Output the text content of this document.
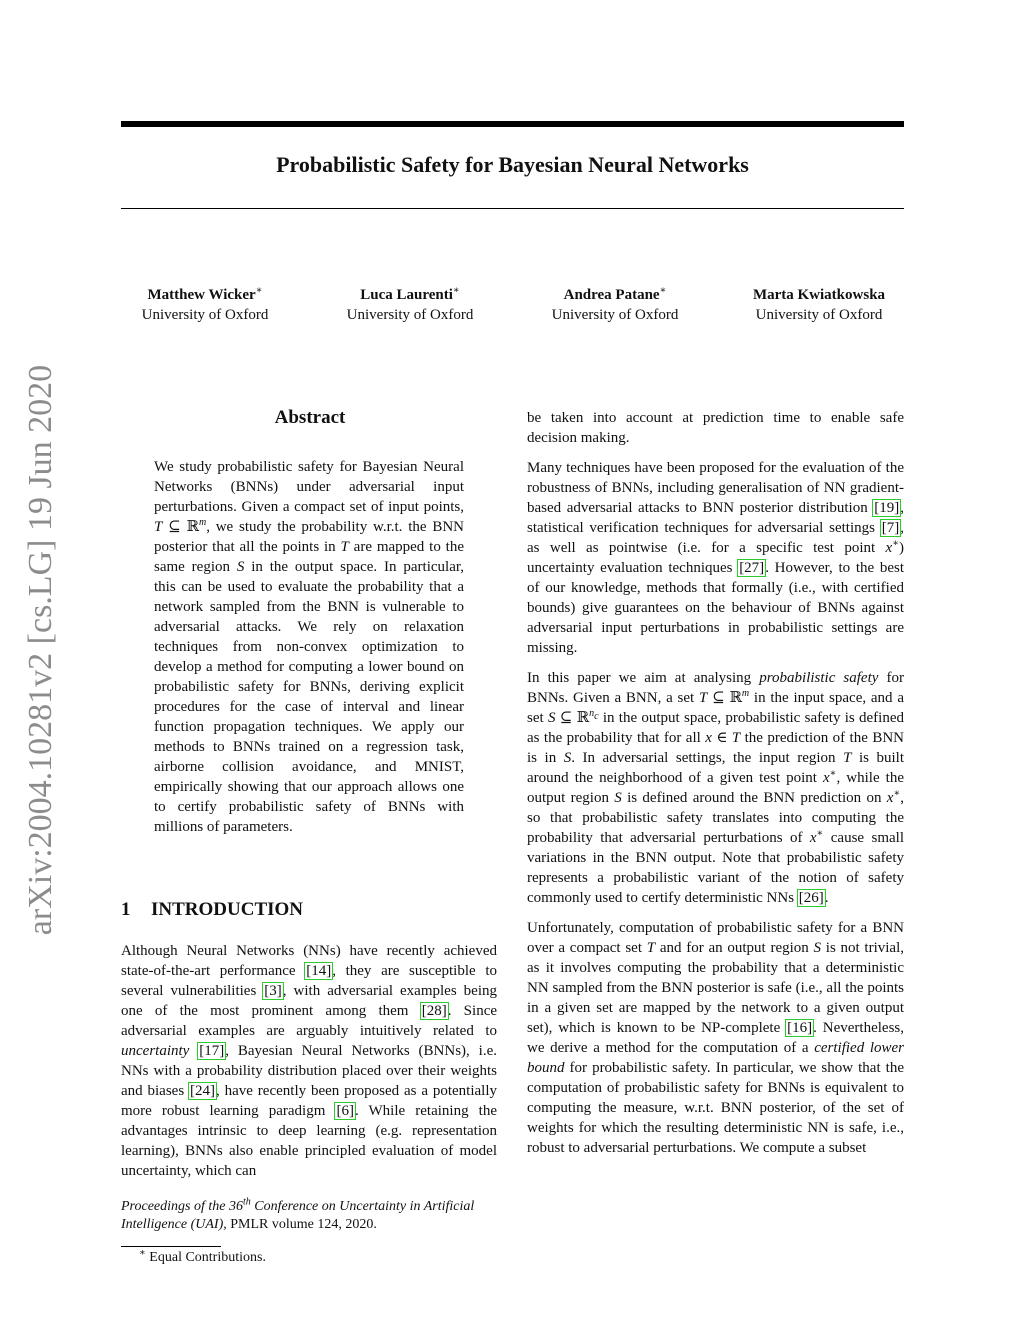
Probabilistic Safety for Bayesian Neural Networks
Matthew Wicker∗
University of Oxford
Luca Laurenti∗
University of Oxford
Andrea Patane∗
University of Oxford
Marta Kwiatkowska
University of Oxford
arXiv:2004.10281v2 [cs.LG] 19 Jun 2020	Abstract

We study probabilistic safety for Bayesian Neural Networks (BNNs) under adversarial input perturbations. Given a compact set of input points, T ⊆ ℝ$^m$, we study the probability w.r.t. the BNN posterior that all the points in T are mapped to the same region S in the output space. In particular, this can be used to evaluate the probability that a network sampled from the BNN is vulnerable to adversarial attacks. We rely on relaxation techniques from non-convex optimization to develop a method for computing a lower bound on probabilistic safety for BNNs, deriving explicit procedures for the case of interval and linear function propagation techniques. We apply our methods to BNNs trained on a regression task, airborne collision avoidance, and MNIST, empirically showing that our approach allows one to certify probabilistic safety of BNNs with millions of parameters.

1 INTRODUCTION

Although Neural Networks (NNs) have recently achieved state-of-the-art performance [14], they are susceptible to several vulnerabilities [3], with adversarial examples being one of the most prominent among them [28]. Since adversarial examples are arguably intuitively related to uncertainty [17], Bayesian Neural Networks (BNNs), i.e. NNs with a probability distribution placed over their weights and biases [24], have recently been proposed as a potentially more robust learning paradigm [6]. While retaining the advantages intrinsic to deep learning (e.g. representation learning), BNNs also enable principled evaluation of model uncertainty, which can

be taken into account at prediction time to enable safe decision making.

Many techniques have been proposed for the evaluation of the robustness of BNNs, including generalisation of NN gradient-based adversarial attacks to BNN posterior distribution [19], statistical verification techniques for adversarial settings [7], as well as pointwise (i.e. for a specific test point x∗) uncertainty evaluation techniques [27]. However, to the best of our knowledge, methods that formally (i.e., with certified bounds) give guarantees on the behaviour of BNNs against adversarial input perturbations in probabilistic settings are missing.

In this paper we aim at analysing probabilistic safety for BNNs. Given a BNN, a set T ⊆ ℝ$^m$ in the input space, and a set S ⊆ ℝ$^{n_c}$ in the output space, probabilistic safety is defined as the probability that for all x ∈ T the prediction of the BNN is in S. In adversarial settings, the input region T is built around the neighborhood of a given test point x∗, while the output region S is defined around the BNN prediction on x∗, so that probabilistic safety translates into computing the probability that adversarial perturbations of x∗ cause small variations in the BNN output. Note that probabilistic safety represents a probabilistic variant of the notion of safety commonly used to certify deterministic NNs [26].

Unfortunately, computation of probabilistic safety for a BNN over a compact set T and for an output region S is not trivial, as it involves computing the probability that a deterministic NN sampled from the BNN posterior is safe (i.e., all the points in a given set are mapped by the network to a given output set), which is known to be NP-complete [16]. Nevertheless, we derive a method for the computation of a certified lower bound for probabilistic safety. In particular, we show that the computation of probabilistic safety for BNNs is equivalent to computing the measure, w.r.t. BNN posterior, of the set of weights for which the resulting deterministic NN is safe, i.e., robust to adversarial perturbations. We compute a subset

Proceedings of the 36th Conference on Uncertainty in Artificial Intelligence (UAI), PMLR volume 124, 2020.
∗ Equal Contributions.
